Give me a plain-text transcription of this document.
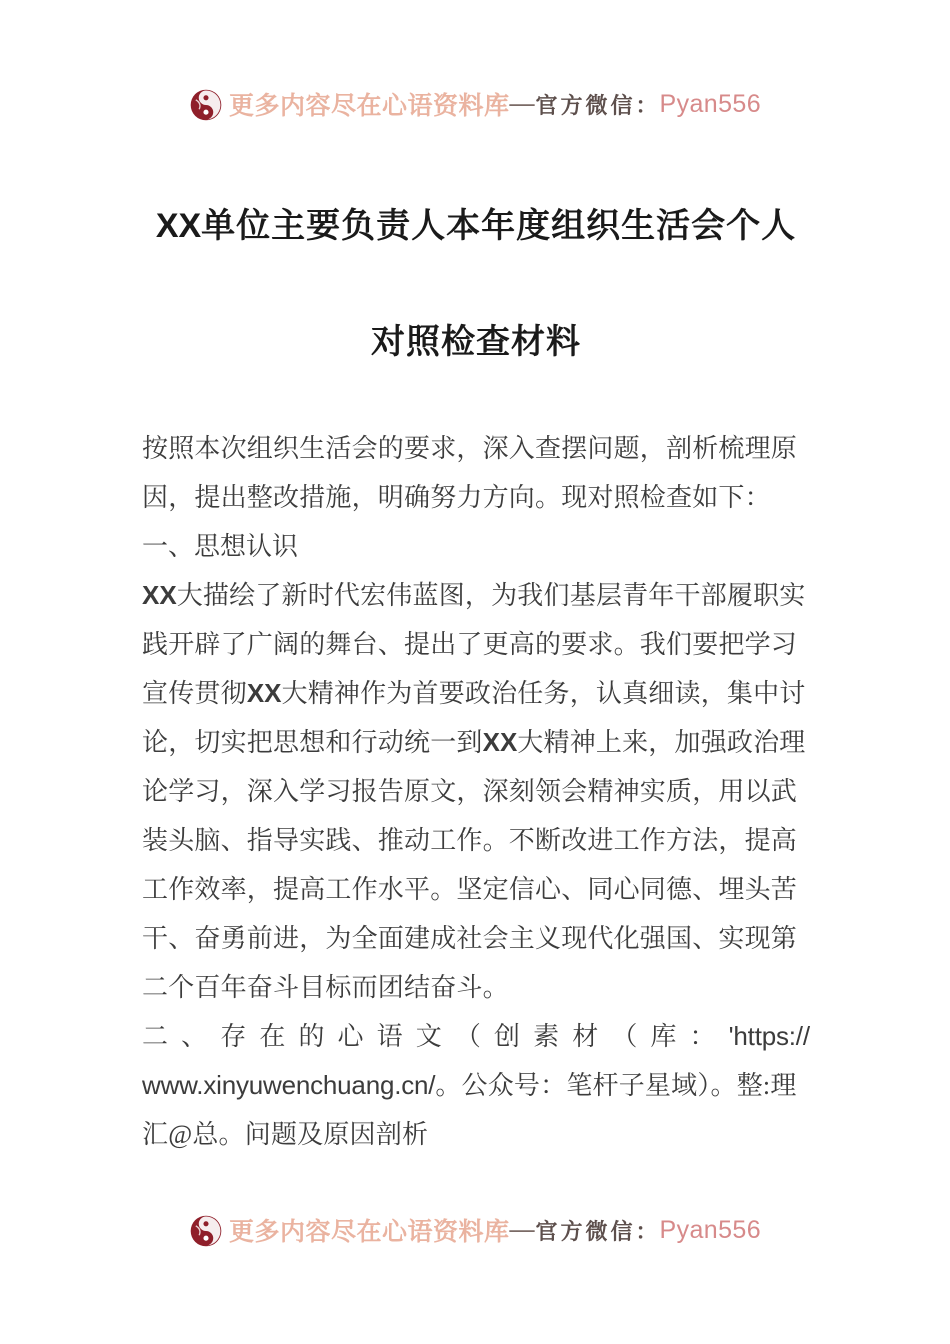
更多内容尽在心语资料库 — 官方微信 ： Pyan556
XX单位主要负责人本年度组织生活会个人
对照检查材料

按照本次组织生活会的要求，深入查摆问题，剖析梳理原
因，提出整改措施，明确努力方向。现对照检查如下：

一、思想认识

XX大描绘了新时代宏伟蓝图，为我们基层青年干部履职实
践开辟了广阔的舞台、提出了更高的要求。我们要把学习
宣传贯彻XX大精神作为首要政治任务，认真细读，集中讨
论，切实把思想和行动统一到XX大精神上来，加强政治理
论学习，深入学习报告原文，深刻领会精神实质，用以武
装头脑、指导实践、推动工作。不断改进工作方法，提高
工作效率，提高工作水平。坚定信心、同心同德、埋头苦
干、奋勇前进，为全面建成社会主义现代化强国、实现第
二个百年奋斗目标而团结奋斗。

二 、 存 在 的 心 语 文 （ 创 素 材 （ 库 ： 'https://
www.xinyuwenchuang.cn/。公众号：笔杆子星域）。整:理
汇@总。问题及原因剖析

更多内容尽在心语资料库 — 官方微信 ： Pyan556
